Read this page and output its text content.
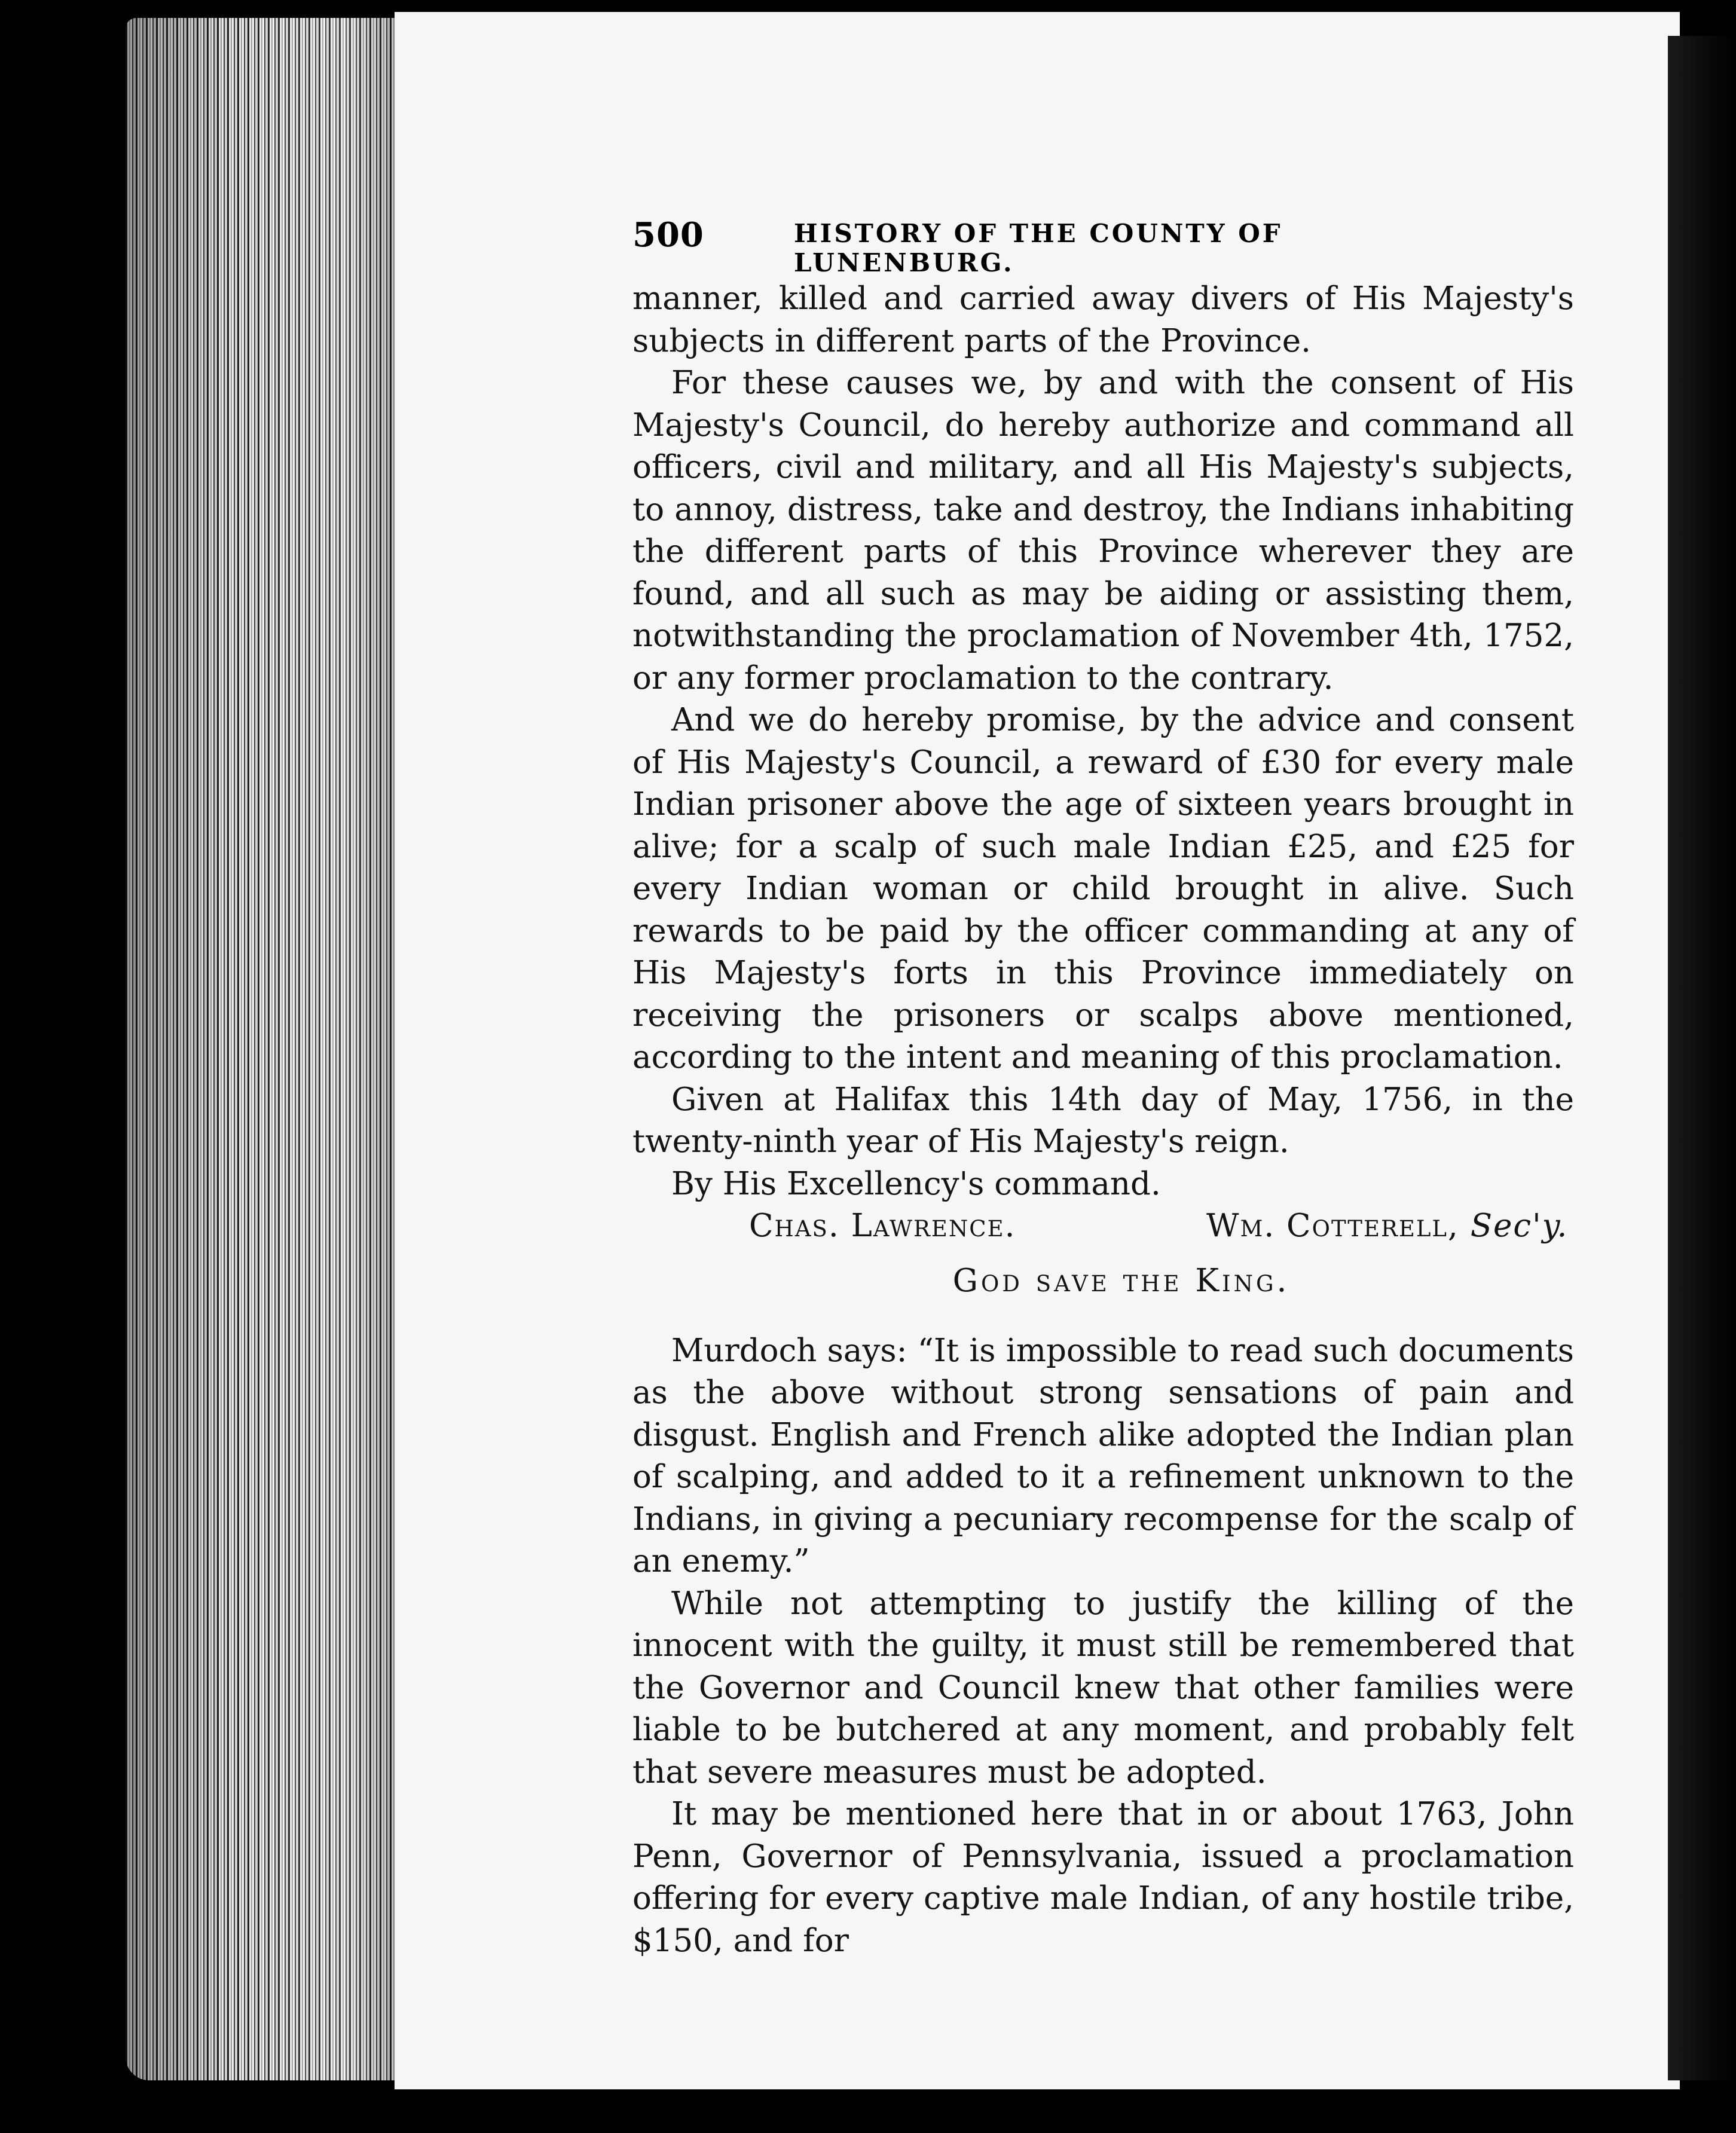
500	HISTORY OF THE COUNTY OF LUNENBURG.

manner, killed and carried away divers of His Majesty's subjects in different parts of the Province.

For these causes we, by and with the consent of His Majesty's Council, do hereby authorize and command all officers, civil and military, and all His Majesty's subjects, to annoy, distress, take and destroy, the Indians inhabiting the different parts of this Province wherever they are found, and all such as may be aiding or assisting them, notwithstanding the proclamation of November 4th, 1752, or any former proclamation to the contrary.

And we do hereby promise, by the advice and consent of His Majesty's Council, a reward of £30 for every male Indian prisoner above the age of sixteen years brought in alive; for a scalp of such male Indian £25, and £25 for every Indian woman or child brought in alive. Such rewards to be paid by the officer commanding at any of His Majesty's forts in this Province immediately on receiving the prisoners or scalps above mentioned, according to the intent and meaning of this proclamation.

Given at Halifax this 14th day of May, 1756, in the twenty-ninth year of His Majesty's reign.

By His Excellency's command.

Chas. Lawrence.	Wm. Cotterell, Sec'y.
God save the King.

Murdoch says: “It is impossible to read such documents as the above without strong sensations of pain and disgust. English and French alike adopted the Indian plan of scalping, and added to it a refinement unknown to the Indians, in giving a pecuniary recompense for the scalp of an enemy.”

While not attempting to justify the killing of the innocent with the guilty, it must still be remembered that the Governor and Council knew that other families were liable to be butchered at any moment, and probably felt that severe measures must be adopted.

It may be mentioned here that in or about 1763, John Penn, Governor of Pennsylvania, issued a proclamation offering for every captive male Indian, of any hostile tribe, $150, and for
